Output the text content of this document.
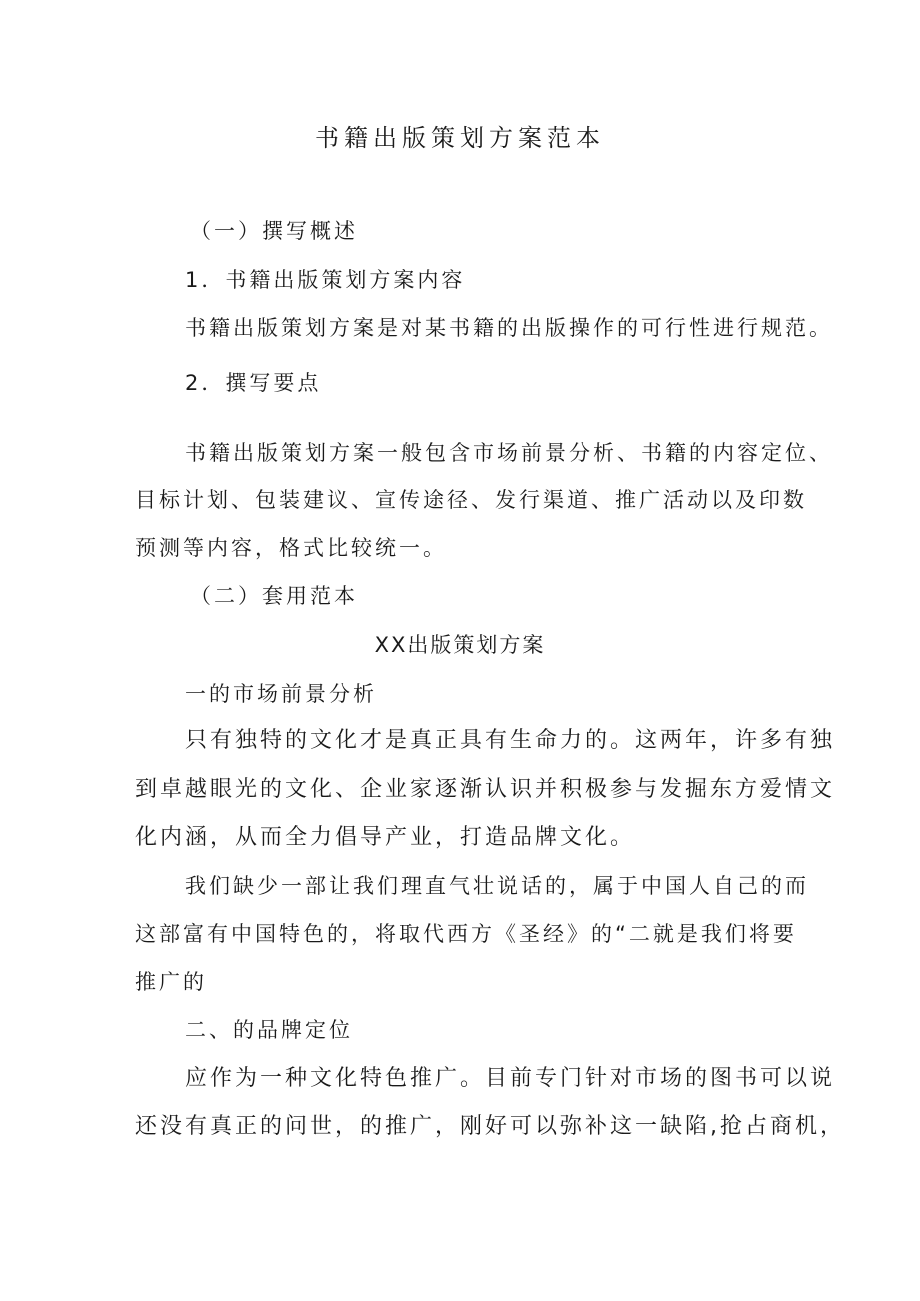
书籍出版策划方案范本
（一）撰写概述
1．书籍出版策划方案内容
书籍出版策划方案是对某书籍的出版操作的可行性进行规范。
2．撰写要点
书籍出版策划方案一般包含市场前景分析、书籍的内容定位、
目标计划、包装建议、宣传途径、发行渠道、推广活动以及印数
预测等内容，格式比较统一。
（二）套用范本
XX出版策划方案
一的市场前景分析
只有独特的文化才是真正具有生命力的。这两年，许多有独
到卓越眼光的文化、企业家逐渐认识并积极参与发掘东方爱情文
化内涵，从而全力倡导产业，打造品牌文化。
我们缺少一部让我们理直气壮说话的，属于中国人自己的而
这部富有中国特色的，将取代西方《圣经》的“二就是我们将要
推广的
二、的品牌定位
应作为一种文化特色推广。目前专门针对市场的图书可以说
还没有真正的问世，的推广，刚好可以弥补这一缺陷,抢占商机，
